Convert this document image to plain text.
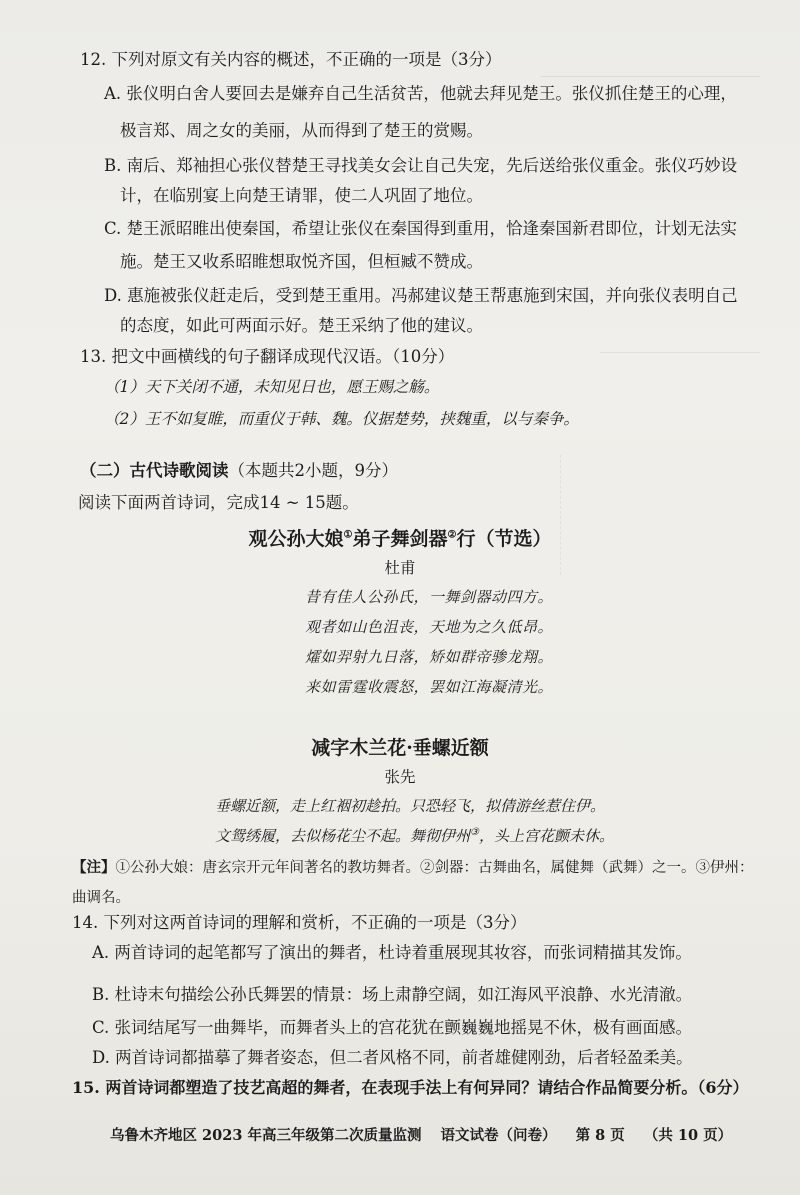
12. 下列对原文有关内容的概述，不正确的一项是（3分）
A. 张仪明白舍人要回去是嫌弃自己生活贫苦，他就去拜见楚王。张仪抓住楚王的心理，
极言郑、周之女的美丽，从而得到了楚王的赏赐。
B. 南后、郑袖担心张仪替楚王寻找美女会让自己失宠，先后送给张仪重金。张仪巧妙设
计，在临别宴上向楚王请罪，使二人巩固了地位。
C. 楚王派昭睢出使秦国，希望让张仪在秦国得到重用，恰逢秦国新君即位，计划无法实
施。楚王又收系昭睢想取悦齐国，但桓臧不赞成。
D. 惠施被张仪赶走后，受到楚王重用。冯郝建议楚王帮惠施到宋国，并向张仪表明自己
的态度，如此可两面示好。楚王采纳了他的建议。
13. 把文中画横线的句子翻译成现代汉语。（10分）
（1）天下关闭不通，未知见日也，愿王赐之觞。
（2）王不如复睢，而重仪于韩、魏。仪据楚势，挟魏重，以与秦争。
（二）古代诗歌阅读（本题共2小题，9分）
阅读下面两首诗词，完成14 ~ 15题。
观公孙大娘①弟子舞剑器②行（节选）
杜甫
昔有佳人公孙氏，一舞剑器动四方。
观者如山色沮丧，天地为之久低昂。
㸌如羿射九日落，矫如群帝骖龙翔。
来如雷霆收震怒，罢如江海凝清光。
减字木兰花·垂螺近额
张先
垂螺近额，走上红裀初趁拍。只恐轻飞，拟倩游丝惹住伊。
文鸳绣履，去似杨花尘不起。舞彻伊州③，头上宫花颤未休。
【注】①公孙大娘：唐玄宗开元年间著名的教坊舞者。②剑器：古舞曲名，属健舞（武舞）之一。③伊州：
曲调名。
14. 下列对这两首诗词的理解和赏析，不正确的一项是（3分）
A. 两首诗词的起笔都写了演出的舞者，杜诗着重展现其妆容，而张词精描其发饰。
B. 杜诗末句描绘公孙氏舞罢的情景：场上肃静空阔，如江海风平浪静、水光清澈。
C. 张词结尾写一曲舞毕，而舞者头上的宫花犹在颤巍巍地摇晃不休，极有画面感。
D. 两首诗词都描摹了舞者姿态，但二者风格不同，前者雄健刚劲，后者轻盈柔美。
15. 两首诗词都塑造了技艺高超的舞者，在表现手法上有何异同？请结合作品简要分析。（6分）
乌鲁木齐地区 2023 年高三年级第二次质量监测 语文试卷（问卷） 第 8 页 （共 10 页）
